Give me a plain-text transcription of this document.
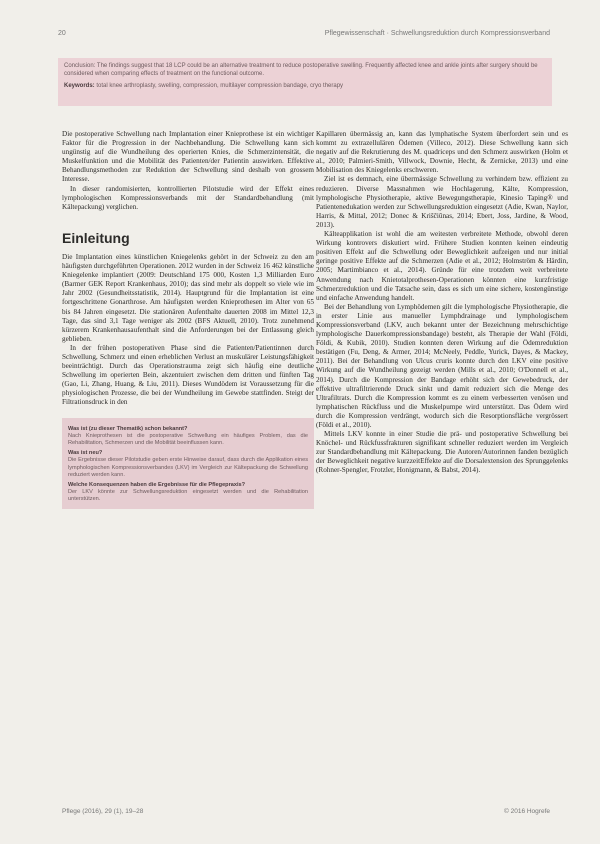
20	Pflegewissenschaft · Schwellungsreduktion durch Kompressionsverband
Conclusion: The findings suggest that 18 LCP could be an alternative treatment to reduce postoperative swelling. Frequently affected knee and ankle joints after surgery should be considered when comparing effects of treatment on the functional outcome.
Keywords: total knee arthroplasty, swelling, compression, multilayer compression bandage, cryo therapy

Die postoperative Schwellung nach Implantation einer Knieprothese ist ein wichtiger Faktor für die Progression in der Nachbehandlung. Die Schwellung kann sich ungünstig auf die Wundheilung des operierten Knies, die Schmerzintensität, die Muskelfunktion und die Mobilität des Patienten/der Patientin auswirken. Effektive Behandlungsmethoden zur Reduktion der Schwellung sind deshalb von grossem Interesse.

In dieser randomisierten, kontrollierten Pilotstudie wird der Effekt eines lymphologischen Kompressionsverbands mit der Standardbehandlung (mit Kältepackung) verglichen.

Einleitung

Die Implantation eines künstlichen Kniegelenks gehört in der Schweiz zu den am häufigsten durchgeführten Operationen. 2012 wurden in der Schweiz 16 462 künstliche Kniegelenke implantiert (2009: Deutschland 175 000, Kosten 1,3 Milliarden Euro (Barmer GEK Report Krankenhaus, 2010); das sind mehr als doppelt so viele wie im Jahr 2002 (Gesundheitsstatistik, 2014). Hauptgrund für die Implantation ist eine fortgeschrittene Gonarthrose. Am häufigsten werden Knieprothesen im Alter von 65 bis 84 Jahren eingesetzt. Die stationären Aufenthalte dauerten 2008 im Mittel 12,3 Tage, das sind 3,1 Tage weniger als 2002 (BFS Aktuell, 2010). Trotz zunehmend kürzerem Krankenhausaufenthalt sind die Anforderungen bei der Entlassung gleich geblieben.

In der frühen postoperativen Phase sind die Patienten/Patientinnen durch Schwellung, Schmerz und einen erheblichen Verlust an muskulärer Leistungsfähigkeit beeinträchtigt. Durch das Operationstrauma zeigt sich häufig eine deutliche Schwellung im operierten Bein, akzentuiert zwischen dem dritten und fünften Tag (Gao, Li, Zhang, Huang, & Liu, 2011). Dieses Wundödem ist Voraussetzung für die physiologischen Prozesse, die bei der Wundheilung im Gewebe stattfinden. Steigt der Filtrationsdruck in den

Was ist (zu dieser Thematik) schon bekannt?
Nach Knieprothesen ist die postoperative Schwellung ein häufiges Problem, das die Rehabilitation, Schmerzen und die Mobilität beeinflussen kann.
Was ist neu?
Die Ergebnisse dieser Pilotstudie geben erste Hinweise darauf, dass durch die Applikation eines lymphologischen Kompressionsverbandes (LKV) im Vergleich zur Kältepackung die Schwellung reduziert werden kann.
Welche Konsequenzen haben die Ergebnisse für die Pflegepraxis?
Der LKV könnte zur Schwellungsreduktion eingesetzt werden und die Rehabilitation unterstützen.

Kapillaren übermässig an, kann das lymphatische System überfordert sein und es kommt zu extrazellulären Ödemen (Villeco, 2012). Diese Schwellung kann sich negativ auf die Rekrutierung des M. quadriceps und den Schmerz auswirken (Holm et al., 2010; Palmieri-Smith, Villwock, Downie, Hecht, & Zernicke, 2013) und eine Mobilisation des Kniegelenks erschweren.

Ziel ist es demnach, eine übermässige Schwellung zu verhindern bzw. effizient zu reduzieren. Diverse Massnahmen wie Hochlagerung, Kälte, Kompression, lymphologische Physiotherapie, aktive Bewegungstherapie, Kinesio Taping® und Patientenedukation werden zur Schwellungsreduktion eingesetzt (Adie, Kwan, Naylor, Harris, & Mittal, 2012; Donec & Kriščiūnas, 2014; Ebert, Joss, Jardine, & Wood, 2013).

Kälteapplikation ist wohl die am weitesten verbreitete Methode, obwohl deren Wirkung kontrovers diskutiert wird. Frühere Studien konnten keinen eindeutig positiven Effekt auf die Schwellung oder Beweglichkeit aufzeigen und nur initial geringe positive Effekte auf die Schmerzen (Adie et al., 2012; Holmström & Härdin, 2005; Martimbianco et al., 2014). Gründe für eine trotzdem weit verbreitete Anwendung nach Knietotalprothesen-Operationen könnten eine kurzfristige Schmerzreduktion und die Tatsache sein, dass es sich um eine sichere, kostengünstige und einfache Anwendung handelt.

Bei der Behandlung von Lymphödemen gilt die lymphologische Physiotherapie, die in erster Linie aus manueller Lymphdrainage und lymphologischem Kompressionsverband (LKV, auch bekannt unter der Bezeichnung mehrschichtige lymphologische Dauerkompressionsbandage) besteht, als Therapie der Wahl (Földi, Földi, & Kubik, 2010). Studien konnten deren Wirkung auf die Ödemreduktion bestätigen (Fu, Deng, & Armer, 2014; McNeely, Peddle, Yurick, Dayes, & Mackey, 2011). Bei der Behandlung von Ulcus cruris konnte durch den LKV eine positive Wirkung auf die Wundheilung gezeigt werden (Mills et al., 2010; O'Donnell et al., 2014). Durch die Kompression der Bandage erhöht sich der Gewebedruck, der effektive ultrafiltrierende Druck sinkt und damit reduziert sich die Menge des Ultrafiltrats. Durch die Kompression kommt es zu einem verbesserten venösen und lymphatischen Rückfluss und die Muskelpumpe wird unterstützt. Das Ödem wird durch die Kompression verdrängt, wodurch sich die Resorptionsfläche vergrössert (Földi et al., 2010).

Mittels LKV konnte in einer Studie die prä- und postoperative Schwellung bei Knöchel- und Rückfussfrakturen signifikant schneller reduziert werden im Vergleich zur Standardbehandlung mit Kältepackung. Die Autoren/Autorinnen fanden bezüglich der Beweglichkeit negative kurzzeitEffekte auf die Dorsalextension des Sprunggelenks (Rohner-Spengler, Frotzler, Honigmann, & Babst, 2014).

Pflege (2016), 29 (1), 19–28	© 2016 Hogrefe
